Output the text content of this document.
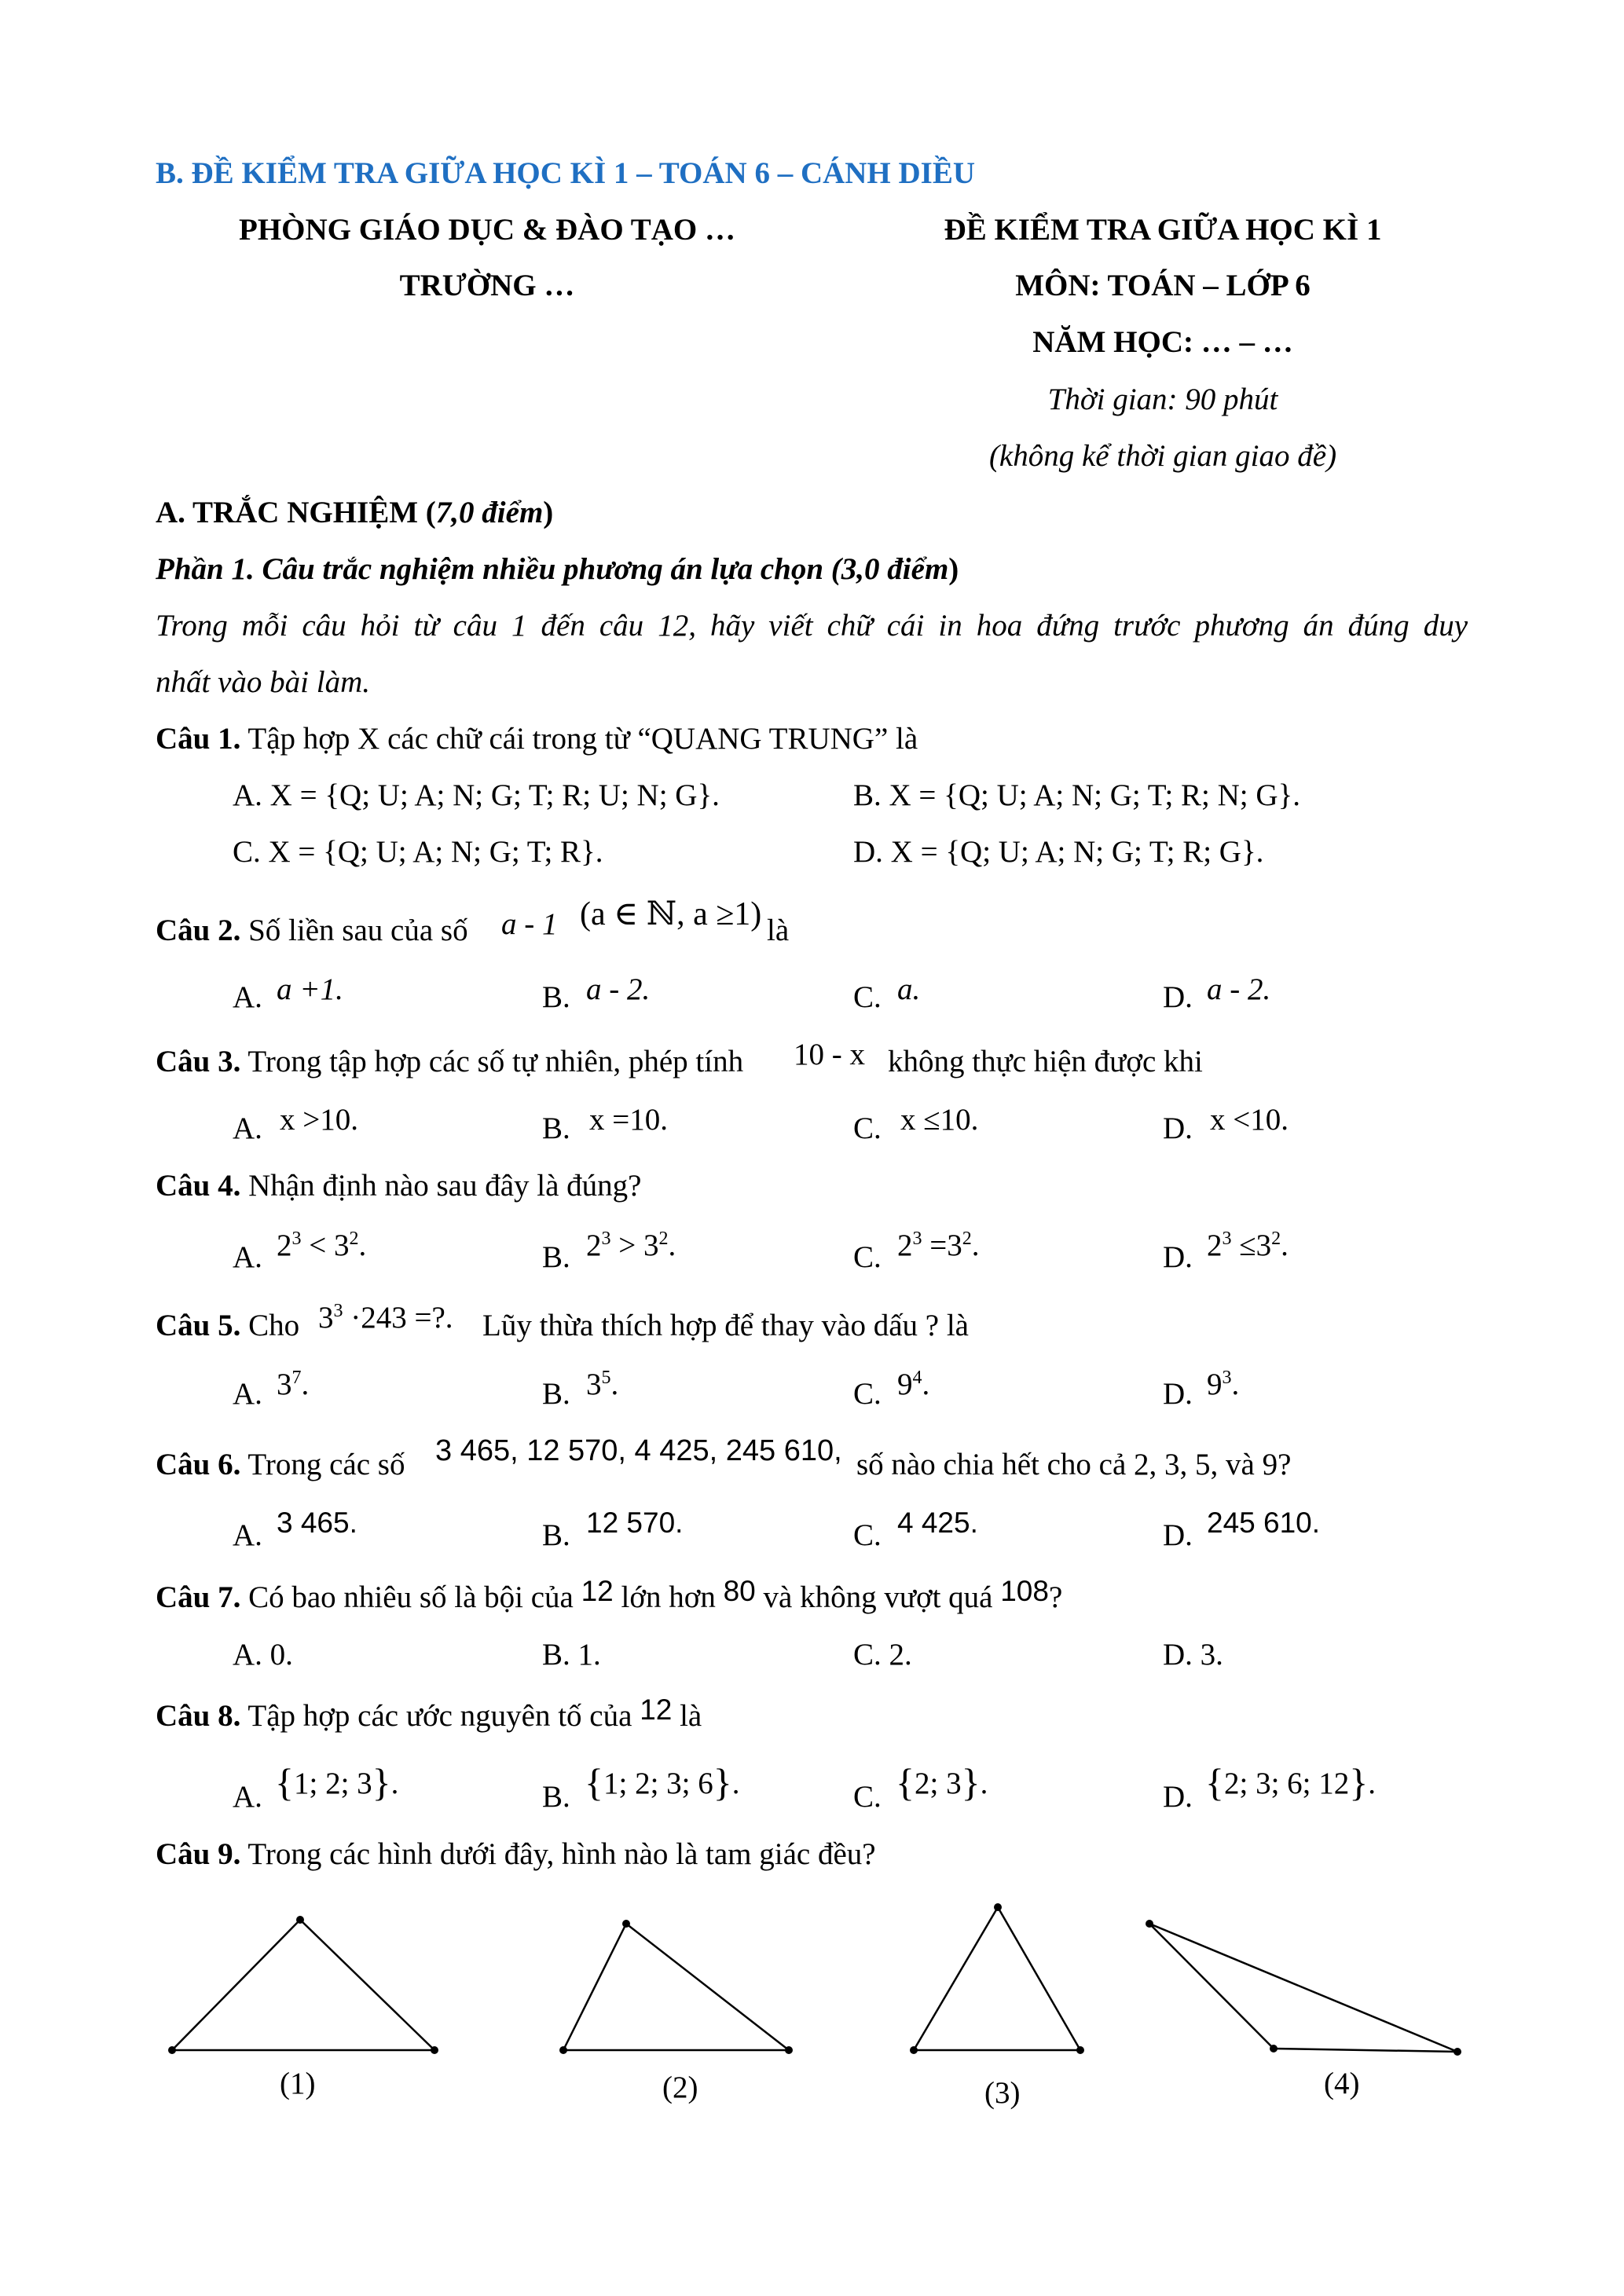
B. ĐỀ KIỂM TRA GIỮA HỌC KÌ 1 – TOÁN 6 – CÁNH DIỀU
PHÒNG GIÁO DỤC & ĐÀO TẠO …
TRƯỜNG …
ĐỀ KIỂM TRA GIỮA HỌC KÌ 1
MÔN: TOÁN – LỚP 6
NĂM HỌC: … – …
Thời gian: 90 phút
(không kể thời gian giao đề)
A. TRẮC NGHIỆM (7,0 điểm)
Phần 1. Câu trắc nghiệm nhiều phương án lựa chọn (3,0 điểm)
Trong mỗi câu hỏi từ câu 1 đến câu 12, hãy viết chữ cái in hoa đứng trước phương án đúng duy
nhất vào bài làm.
Câu 1. Tập hợp X các chữ cái trong từ “QUANG TRUNG” là
A. X = {Q; U; A; N; G; T; R; U; N; G}.	B. X = {Q; U; A; N; G; T; R; N; G}.
C. X = {Q; U; A; N; G; T; R}.	D. X = {Q; U; A; N; G; T; R; G}.
Câu 2. Số liền sau của số a - 1 (a ∈ ℕ, a ≥1) là
A. a +1.	B. a - 2.	C. a.	D. a - 2.
Câu 3. Trong tập hợp các số tự nhiên, phép tính 10 - x không thực hiện được khi
A. x >10.	B. x =10.	C. x ≤10.	D. x <10.
Câu 4. Nhận định nào sau đây là đúng?
A. $2^3 < 3^2$.	B. $2^3 > 3^2$.	C. $2^3 =3^2$.	D. $2^3 \le 3^2$.
Câu 5. Cho $3^3 \cdot 243$ =?. Lũy thừa thích hợp để thay vào dấu ? là
A. $3^7$.	B. $3^5$.	C. $9^4$.	D. $9^3$.
Câu 6. Trong các số 3 465, 12 570, 4 425, 245 610, số nào chia hết cho cả 2, 3, 5, và 9?
A. 3 465.	B. 12 570.	C. 4 425.	D. 245 610.
Câu 7. Có bao nhiêu số là bội của 12 lớn hơn 80 và không vượt quá 108?
A. 0.	B. 1.	C. 2.	D. 3.
Câu 8. Tập hợp các ước nguyên tố của 12 là
A. {1; 2; 3}.	B. {1; 2; 3; 6}.	C. {2; 3}.	D. {2; 3; 6; 12}.
Câu 9. Trong các hình dưới đây, hình nào là tam giác đều?
(1)	(2)	(3)	(4)
